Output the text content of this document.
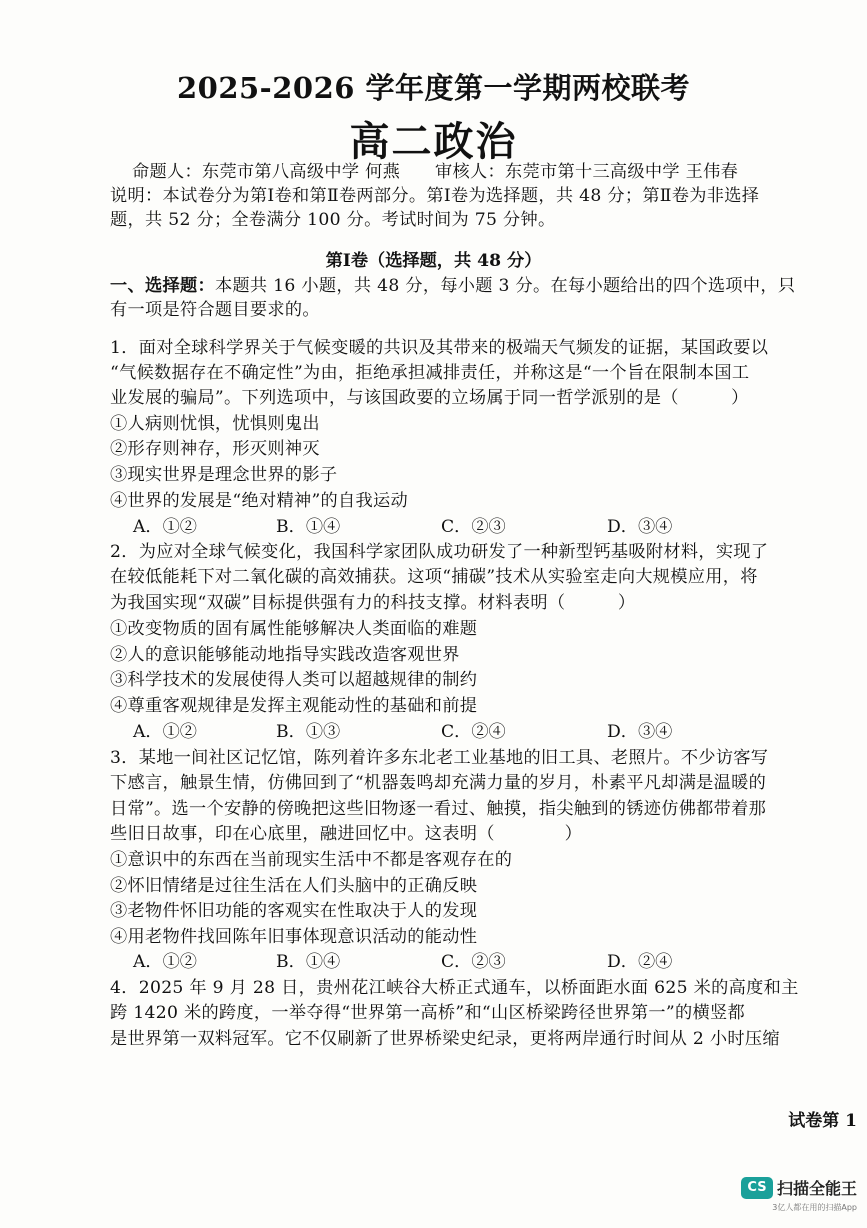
2025-2026 学年度第一学期两校联考
高二政治
命题人：东莞市第八高级中学 何燕　　审核人：东莞市第十三高级中学 王伟春
说明：本试卷分为第Ⅰ卷和第Ⅱ卷两部分。第Ⅰ卷为选择题，共 48 分；第Ⅱ卷为非选择
题，共 52 分；全卷满分 100 分。考试时间为 75 分钟。
第Ⅰ卷（选择题，共 48 分）
一、选择题：本题共 16 小题，共 48 分，每小题 3 分。在每小题给出的四个选项中，只
有一项是符合题目要求的。
1．面对全球科学界关于气候变暖的共识及其带来的极端天气频发的证据，某国政要以
“气候数据存在不确定性”为由，拒绝承担减排责任，并称这是“一个旨在限制本国工
业发展的骗局”。下列选项中，与该国政要的立场属于同一哲学派别的是（　　　）
①人病则忧惧，忧惧则鬼出
②形存则神存，形灭则神灭
③现实世界是理念世界的影子
④世界的发展是“绝对精神”的自我运动
A．①②	B．①④	C．②③	D．③④
2．为应对全球气候变化，我国科学家团队成功研发了一种新型钙基吸附材料，实现了
在较低能耗下对二氧化碳的高效捕获。这项“捕碳”技术从实验室走向大规模应用，将
为我国实现“双碳”目标提供强有力的科技支撑。材料表明（　　　）
①改变物质的固有属性能够解决人类面临的难题
②人的意识能够能动地指导实践改造客观世界
③科学技术的发展使得人类可以超越规律的制约
④尊重客观规律是发挥主观能动性的基础和前提
A．①②	B．①③	C．②④	D．③④
3．某地一间社区记忆馆，陈列着许多东北老工业基地的旧工具、老照片。不少访客写
下感言，触景生情，仿佛回到了“机器轰鸣却充满力量的岁月，朴素平凡却满是温暖的
日常”。选一个安静的傍晚把这些旧物逐一看过、触摸，指尖触到的锈迹仿佛都带着那
些旧日故事，印在心底里，融进回忆中。这表明（　　　　）
①意识中的东西在当前现实生活中不都是客观存在的
②怀旧情绪是过往生活在人们头脑中的正确反映
③老物件怀旧功能的客观实在性取决于人的发现
④用老物件找回陈年旧事体现意识活动的能动性
A．①②	B．①④	C．②③	D．②④
4．2025 年 9 月 28 日，贵州花江峡谷大桥正式通车，以桥面距水面 625 米的高度和主
跨 1420 米的跨度，一举夺得“世界第一高桥”和“山区桥梁跨径世界第一”的横竖都
是世界第一双料冠军。它不仅刷新了世界桥梁史纪录，更将两岸通行时间从 2 小时压缩
试卷第 1
CS 扫描全能王
3亿人都在用的扫描App
